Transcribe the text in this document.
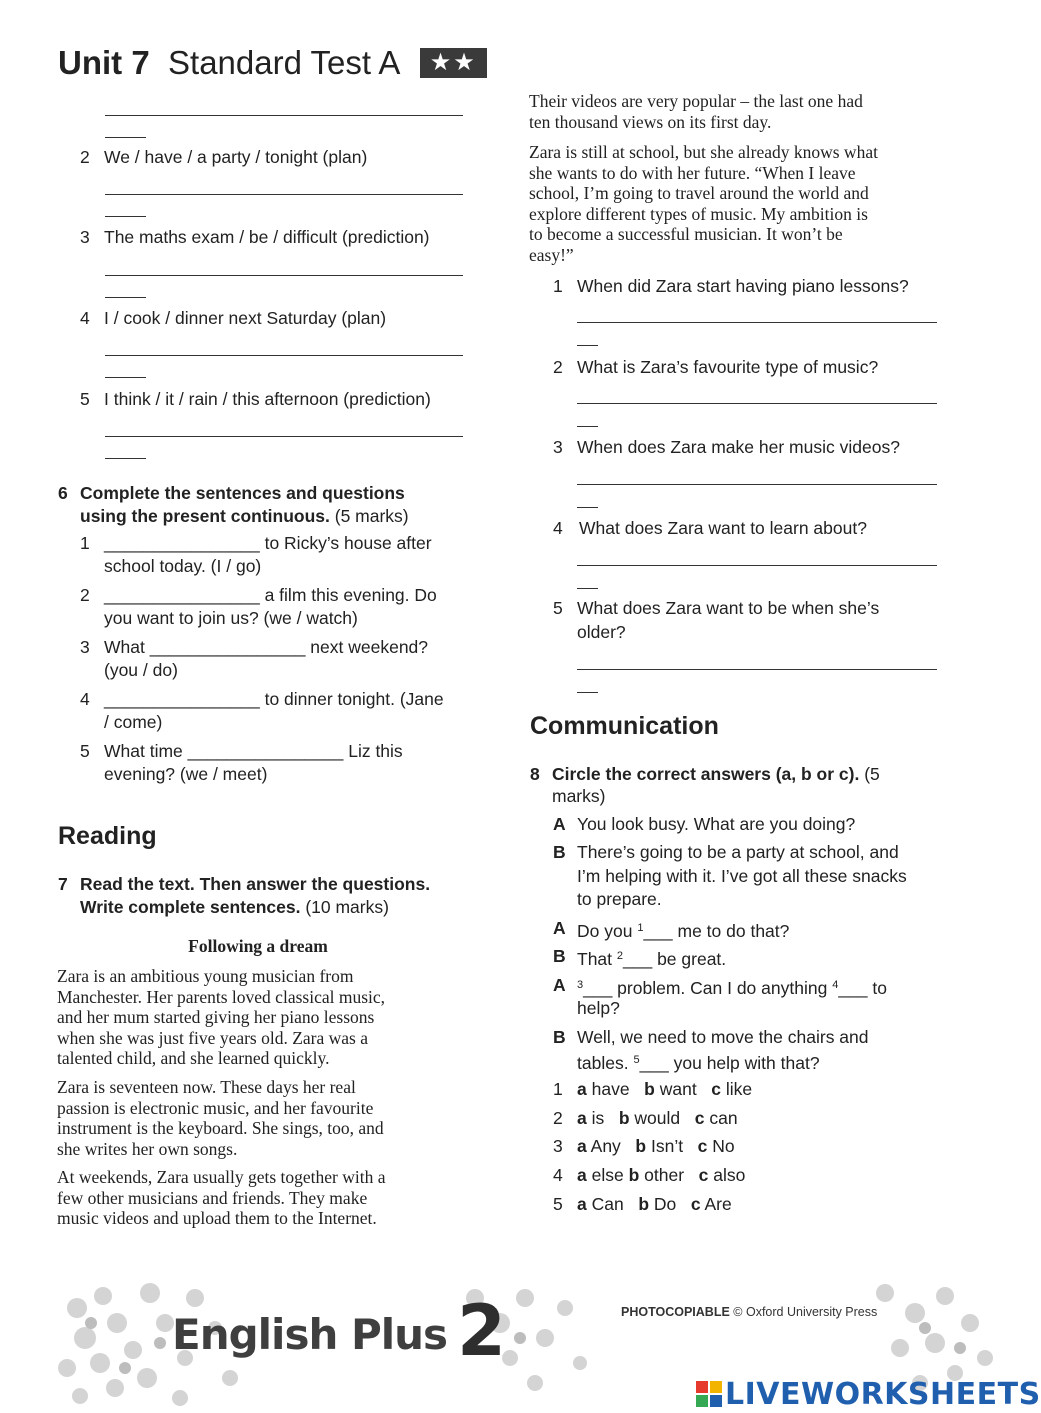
Unit 7 Standard Test A ★★
2 We / have / a party / tonight (plan)
3 The maths exam / be / difficult (prediction)
4 I / cook / dinner next Saturday (plan)
5 I think / it / rain / this afternoon (prediction)
6 Complete the sentences and questions
using the present continuous. (5 marks)
1 ________________ to Ricky’s house after
school today. (I / go)
2 ________________ a film this evening. Do
you want to join us? (we / watch)
3 What ________________ next weekend?
(you / do)
4 ________________ to dinner tonight. (Jane
/ come)
5 What time ________________ Liz this
evening? (we / meet)
Reading
7 Read the text. Then answer the questions.
Write complete sentences. (10 marks)
Following a dream
Zara is an ambitious young musician from
Manchester. Her parents loved classical music,
and her mum started giving her piano lessons
when she was just five years old. Zara was a
talented child, and she learned quickly.
Zara is seventeen now. These days her real
passion is electronic music, and her favourite
instrument is the keyboard. She sings, too, and
she writes her own songs.
At weekends, Zara usually gets together with a
few other musicians and friends. They make
music videos and upload them to the Internet.
Their videos are very popular – the last one had
ten thousand views on its first day.
Zara is still at school, but she already knows what
she wants to do with her future. “When I leave
school, I’m going to travel around the world and
explore different types of music. My ambition is
to become a successful musician. It won’t be
easy!”
1 When did Zara start having piano lessons?
2 What is Zara’s favourite type of music?
3 When does Zara make her music videos?
4 What does Zara want to learn about?
5 What does Zara want to be when she’s
older?
Communication
8 Circle the correct answers (a, b or c). (5
marks)
A You look busy. What are you doing?
B There’s going to be a party at school, and
I’m helping with it. I’ve got all these snacks
to prepare.
A Do you $^1$___ me to do that?
B That $^2$___ be great.
A $^3$___ problem. Can I do anything $^4$___ to
help?
B Well, we need to move the chairs and
tables. $^5$___ you help with that?
1 a have b want c like
2 a is b would c can
3 a Any b Isn’t c No
4 a else b other c also
5 a Can b Do c Are
English Plus 2	PHOTOCOPIABLE © Oxford University Press
LIVEWORKSHEETS
